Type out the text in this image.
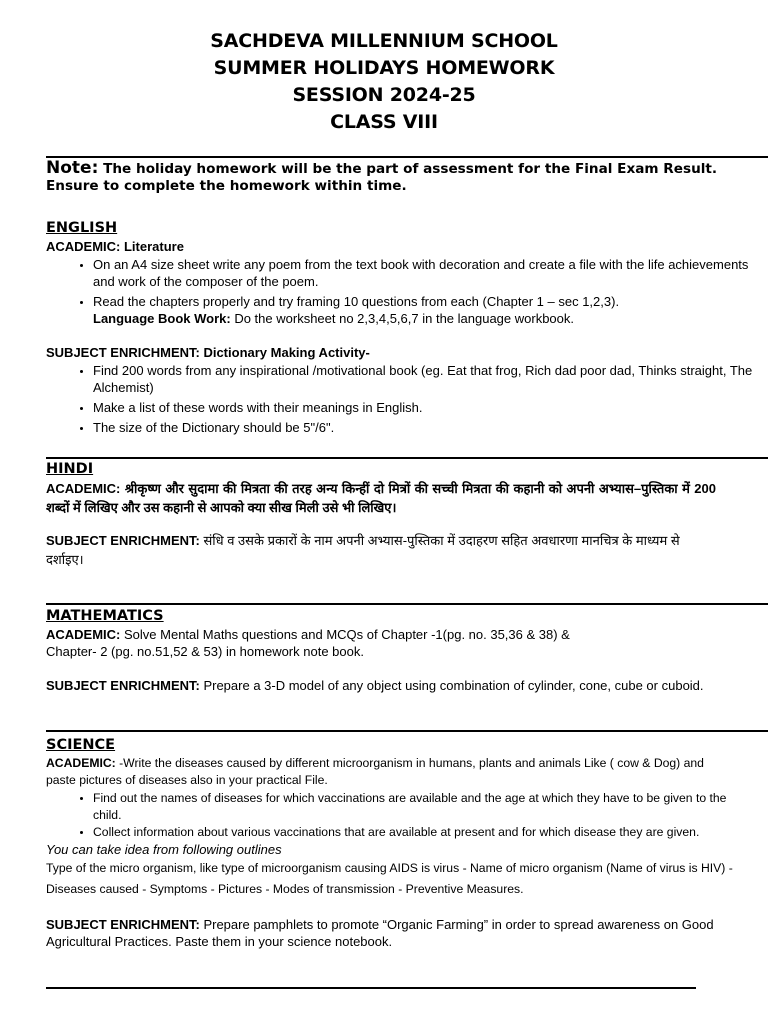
SACHDEVA MILLENNIUM SCHOOL
SUMMER HOLIDAYS HOMEWORK
SESSION 2024-25
CLASS VIII
Note: The holiday homework will be the part of assessment for the Final Exam Result. Ensure to complete the homework within time.
ENGLISH
ACADEMIC: Literature
• On an A4 size sheet write any poem from the text book with decoration and create a file with the life achievements and work of the composer of the poem.
• Read the chapters properly and try framing 10 questions from each (Chapter 1 – sec 1,2,3).
Language Book Work: Do the worksheet no 2,3,4,5,6,7 in the language workbook.
SUBJECT ENRICHMENT: Dictionary Making Activity-
• Find 200 words from any inspirational /motivational book (eg. Eat that frog, Rich dad poor dad, Thinks straight, The Alchemist)
• Make a list of these words with their meanings in English.
• The size of the Dictionary should be 5"/6".
HINDI
ACADEMIC: श्रीकृष्ण और सुदामा की मित्रता की तरह अन्य किन्हीं दो मित्रों की सच्ची मित्रता की कहानी को अपनी अभ्यास–पुस्तिका में 200 शब्दों में लिखिए और उस कहानी से आपको क्या सीख मिली उसे भी लिखिए।
SUBJECT ENRICHMENT: संधि व उसके प्रकारों के नाम अपनी अभ्यास-पुस्तिका में उदाहरण सहित अवधारणा मानचित्र के माध्यम से दर्शाइए।
MATHEMATICS
ACADEMIC: Solve Mental Maths questions and MCQs of Chapter -1(pg. no. 35,36 & 38) &
Chapter- 2 (pg. no.51,52 & 53) in homework note book.
SUBJECT ENRICHMENT: Prepare a 3-D model of any object using combination of cylinder, cone, cube or cuboid.
SCIENCE
ACADEMIC: -Write the diseases caused by different microorganism in humans, plants and animals Like ( cow & Dog) and paste pictures of diseases also in your practical File.
• Find out the names of diseases for which vaccinations are available and the age at which they have to be given to the child.
• Collect information about various vaccinations that are available at present and for which disease they are given.
You can take idea from following outlines
Type of the micro organism, like type of microorganism causing AIDS is virus - Name of micro organism (Name of virus is HIV) - Diseases caused - Symptoms - Pictures - Modes of transmission - Preventive Measures.
SUBJECT ENRICHMENT: Prepare pamphlets to promote “Organic Farming” in order to spread awareness on Good Agricultural Practices. Paste them in your science notebook.
